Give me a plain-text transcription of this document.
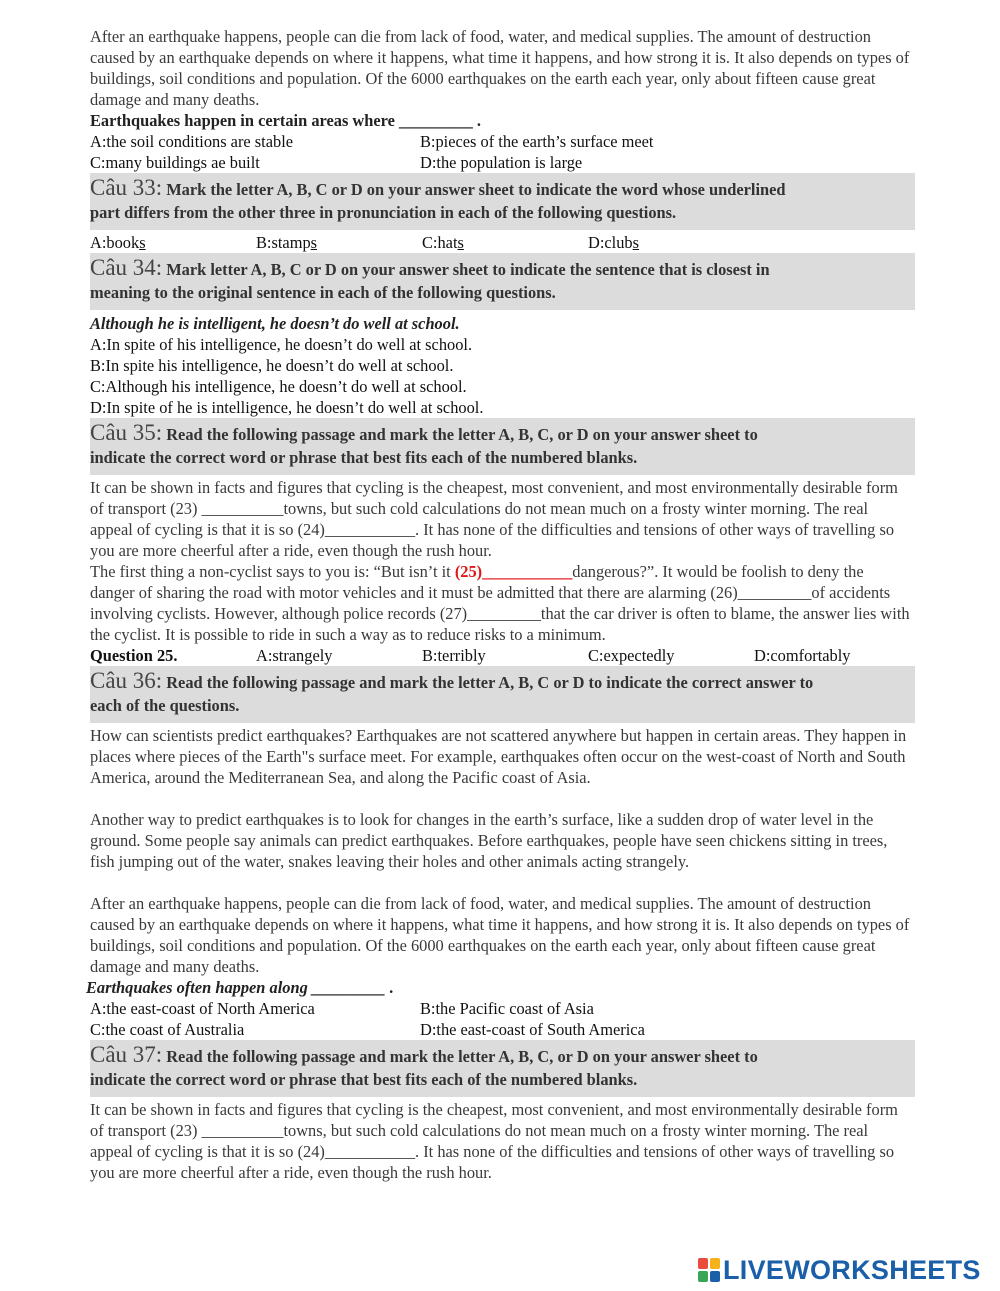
After an earthquake happens, people can die from lack of food, water, and medical supplies. The amount of destruction caused by an earthquake depends on where it happens, what time it happens, and how strong it is. It also depends on types of buildings, soil conditions and population. Of the 6000 earthquakes on the earth each year, only about fifteen cause great damage and many deaths.

Earthquakes happen in certain areas where _________ .

A:the soil conditions are stable	B:pieces of the earth’s surface meet
C:many buildings ae built	D:the population is large
Câu 33: Mark the letter A, B, C or D on your answer sheet to indicate the word whose underlined
part differs from the other three in pronunciation in each of the following questions.
A:books	B:stamps	C:hats	D:clubs
Câu 34: Mark letter A, B, C or D on your answer sheet to indicate the sentence that is closest in
meaning to the original sentence in each of the following questions.

Although he is intelligent, he doesn’t do well at school.

A:In spite of his intelligence, he doesn’t do well at school.
B:In spite his intelligence, he doesn’t do well at school.
C:Although his intelligence, he doesn’t do well at school.
D:In spite of he is intelligence, he doesn’t do well at school.
Câu 35: Read the following passage and mark the letter A, B, C, or D on your answer sheet to
indicate the correct word or phrase that best fits each of the numbered blanks.

It can be shown in facts and figures that cycling is the cheapest, most convenient, and most environmentally desirable form of transport (23) __________towns, but such cold calculations do not mean much on a frosty winter morning. The real appeal of cycling is that it is so (24)___________. It has none of the difficulties and tensions of other ways of travelling so you are more cheerful after a ride, even though the rush hour.

The first thing a non-cyclist says to you is: “But isn’t it (25)___________dangerous?”. It would be foolish to deny the danger of sharing the road with motor vehicles and it must be admitted that there are alarming (26)_________of accidents involving cyclists. However, although police records (27)_________that the car driver is often to blame, the answer lies with the cyclist. It is possible to ride in such a way as to reduce risks to a minimum.

Question 25.	A:strangely	B:terribly	C:expectedly	D:comfortably
Câu 36: Read the following passage and mark the letter A, B, C or D to indicate the correct answer to
each of the questions.

How can scientists predict earthquakes? Earthquakes are not scattered anywhere but happen in certain areas. They happen in places where pieces of the Earth"s surface meet. For example, earthquakes often occur on the west-coast of North and South America, around the Mediterranean Sea, and along the Pacific coast of Asia.

Another way to predict earthquakes is to look for changes in the earth’s surface, like a sudden drop of water level in the ground. Some people say animals can predict earthquakes. Before earthquakes, people have seen chickens sitting in trees, fish jumping out of the water, snakes leaving their holes and other animals acting strangely.

After an earthquake happens, people can die from lack of food, water, and medical supplies. The amount of destruction caused by an earthquake depends on where it happens, what time it happens, and how strong it is. It also depends on types of buildings, soil conditions and population. Of the 6000 earthquakes on the earth each year, only about fifteen cause great damage and many deaths.

Earthquakes often happen along _________ .

A:the east-coast of North America	B:the Pacific coast of Asia
C:the coast of Australia	D:the east-coast of South America
Câu 37: Read the following passage and mark the letter A, B, C, or D on your answer sheet to
indicate the correct word or phrase that best fits each of the numbered blanks.

It can be shown in facts and figures that cycling is the cheapest, most convenient, and most environmentally desirable form of transport (23) __________towns, but such cold calculations do not mean much on a frosty winter morning. The real appeal of cycling is that it is so (24)___________. It has none of the difficulties and tensions of other ways of travelling so you are more cheerful after a ride, even though the rush hour.

LIVEWORKSHEETS
